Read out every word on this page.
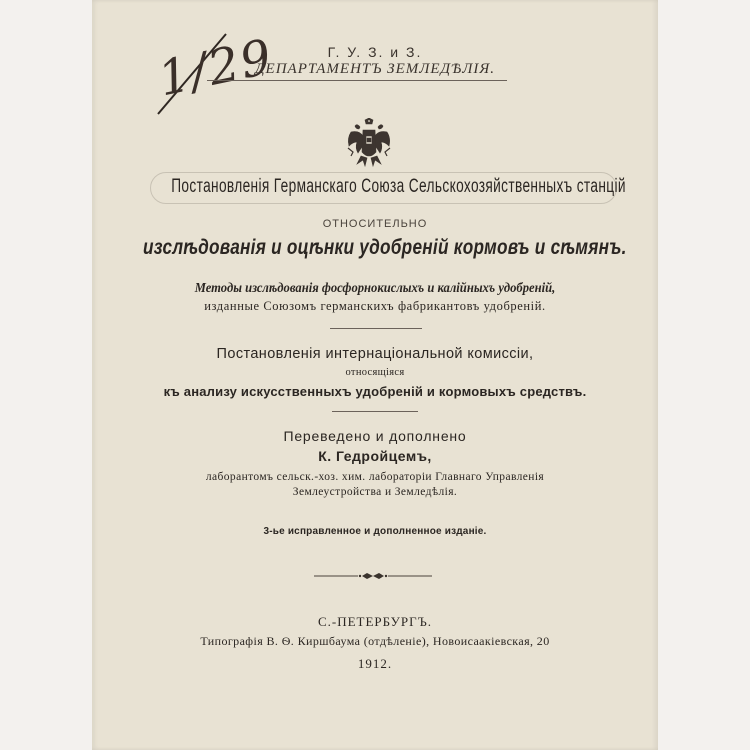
1/29	Г. У. З. и З.
ДЕПАРТАМЕНТЪ ЗЕМЛЕДѢЛІЯ.
Постановленія Германскаго Союза Сельскохозяйственныхъ станцій
ОТНОСИТЕЛЬНО
изслѣдованія и оцѣнки удобреній кормовъ и сѣмянъ.
Методы изслѣдованія фосфорнокислыхъ и калійныхъ удобреній,
изданные Союзомъ германскихъ фабрикантовъ удобреній.
Постановленія интернаціональной комиссіи,
относящіяся
къ анализу искусственныхъ удобреній и кормовыхъ средствъ.
Переведено и дополнено
К. Гедройцемъ,
лаборантомъ сельск.-хоз. хим. лабораторіи Главнаго Управленія
Землеустройства и Земледѣлія.
3-ье исправленное и дополненное изданіе.
С.-ПЕТЕРБУРГЪ.
Типографія В. Ѳ. Киршбаума (отдѣленіе), Новоисаакіевская, 20
1912.
